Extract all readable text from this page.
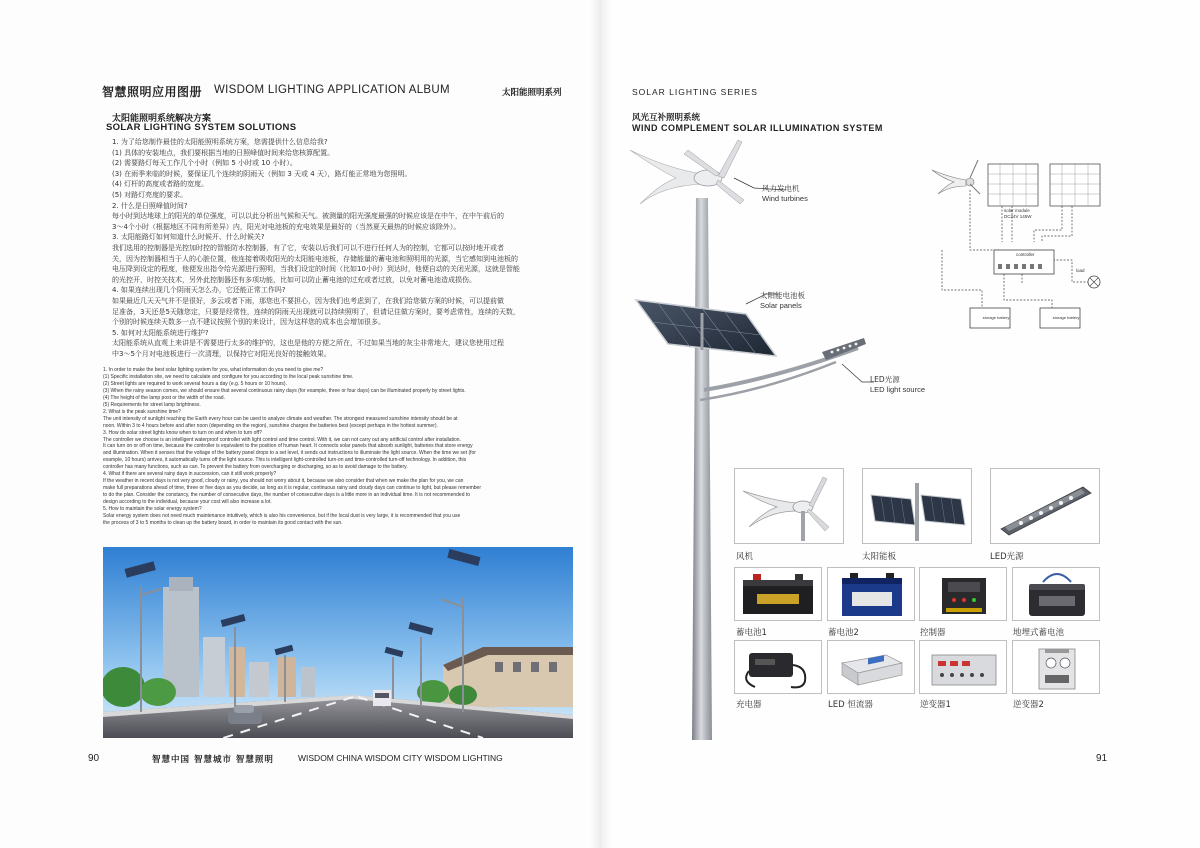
智慧照明应用图册 WISDOM LIGHTING APPLICATION ALBUM	太阳能照明系列
太阳能照明系统解决方案
SOLAR LIGHTING SYSTEM SOLUTIONS

1. 为了给您制作最佳的太阳能照明系统方案，您需提供什么信息给我?

(1) 具体的安装地点，我们要根据当地的日照峰值时间来给您核算配置。

(2) 需要路灯每天工作几个小时（例如 5 小时或 10 小时）。

(3) 在雨季来临的时候，要保证几个连续的阴雨天（例如 3 天或 4 天），路灯能正常地为您照明。

(4) 灯杆的高度或者路的宽度。

(5) 对路灯亮度的要求。

2. 什么是日照峰值时间?

每小时到达地球上的阳光的单位强度，可以以此分析出气候和天气。被测量的阳光强度最强的时候应该是在中午，在中午前后的

3～4个小时（根据地区不同有所差异）内，阳光对电池板的充电效果是最好的（当然夏天最热的时候应该除外）。

3. 太阳能路灯如何知道什么时候开、什么时候关?

我们选用的控制器是光控加时控的智能防水控制器，有了它，安装以后我们可以不进行任何人为的控制，它都可以按时地开或者

关，因为控制器相当于人的心脏位置，他连接着吸收阳光的太阳能电池板，存储能量的蓄电池和照明用的光源，当它感知到电池板的

电压降到设定的程度，他便发出指令给光源进行照明，当我们设定的时间（比如10小时）到达时，他便自动的关闭光源，这就是智能

的光控开，时控关技术，另外此控制器还有多项功能，比如可以防止蓄电池的过充或者过放，以免对蓄电池造成损伤。

4. 如果连续出现几个阴雨天怎么办，它还能正常工作吗?

如果最近几天天气并不是很好，多云或者下雨，那您也不要担心，因为我们也考虑到了，在我们给您做方案的时候，可以提前做

足准备，3天还是5天随您定，只要是经常性，连续的阴雨天出现就可以持续照明了，但请记住做方案时，要考虑常性，连续的天数，

个别的时候连续天数多一点不建议按照个别的来设计，因为这样您的成本也会增加很多。

5. 如何对太阳能系统进行维护?

太阳能系统从直观上来讲是不需要进行太多的维护的，这也是他的方便之所在，不过如果当地的灰尘非常地大，建议您使用过程

中3～5个月对电池板进行一次清理，以保持它对阳光良好的接触效果。

1. In order to make the best solar lighting system for you, what information do you need to give me?

(1) Specific installation site, we need to calculate and configure for you according to the local peak sunshine time.

(2) Street lights are required to work several hours a day (e.g. 5 hours or 10 hours).

(3) When the rainy season comes, we should ensure that several continuous rainy days (for example, three or four days) can be illuminated properly by street lights.

(4) The height of the lamp post or the width of the road.

(5) Requirements for street lamp brightness.

2. What is the peak sunshine time?

The unit intensity of sunlight reaching the Earth every hour can be used to analyze climate and weather. The strongest measured sunshine intensity should be at

noon. Within 3 to 4 hours before and after noon (depending on the region), sunshine charges the batteries best (except perhaps in the hottest summer).

3. How do solar street lights know when to turn on and when to turn off?

The controller we choose is an intelligent waterproof controller with light control and time control. With it, we can not carry out any artificial control after installation.

It can turn on or off on time, because the controller is equivalent to the position of human heart. It connects solar panels that absorb sunlight, batteries that store energy

and illumination. When it senses that the voltage of the battery panel drops to a set level, it sends out instructions to illuminate the light source. When the time we set (for

example, 10 hours) arrives, it automatically turns off the light source. This is intelligent light-controlled turn-on and time-controlled turn-off technology. In addition, this

controller has many functions, such as can. To prevent the battery from overcharging or discharging, so as to avoid damage to the battery.

4. What if there are several rainy days in succession, can it still work properly?

If the weather in recent days is not very good, cloudy or rainy, you should not worry about it, because we also consider that when we make the plan for you, we can

make full preparations ahead of time, three or five days as you decide, as long as it is regular, continuous rainy and cloudy days can continue to light, but please remember

to do the plan. Consider the constancy, the number of consecutive days, the number of consecutive days is a little more in an individual time. It is not recommended to

design according to the individual, because your cost will also increase a lot.

5. How to maintain the solar energy system?

Solar energy system does not need much maintenance intuitively, which is also his convenience, but if the local dust is very large, it is recommended that you use

the process of 3 to 5 months to clean up the battery board, in order to maintain its good contact with the sun.

90	智慧中国 智慧城市 智慧照明	WISDOM CHINA WISDOM CITY WISDOM LIGHTING
SOLAR LIGHTING SERIES
风光互补照明系统
WIND COMPLEMENT SOLAR ILLUMINATION SYSTEM
风力发电机
Wind turbines
太阳能电池板
Solar panels
LED光源
LED light source
solar module
DC24V 145W
controller
load
storage battery	storage battery
风机	太阳能板	LED光源
蓄电池1	蓄电池2	控制器	地埋式蓄电池
充电器	LED 恒流器	逆变器1	逆变器2
91
